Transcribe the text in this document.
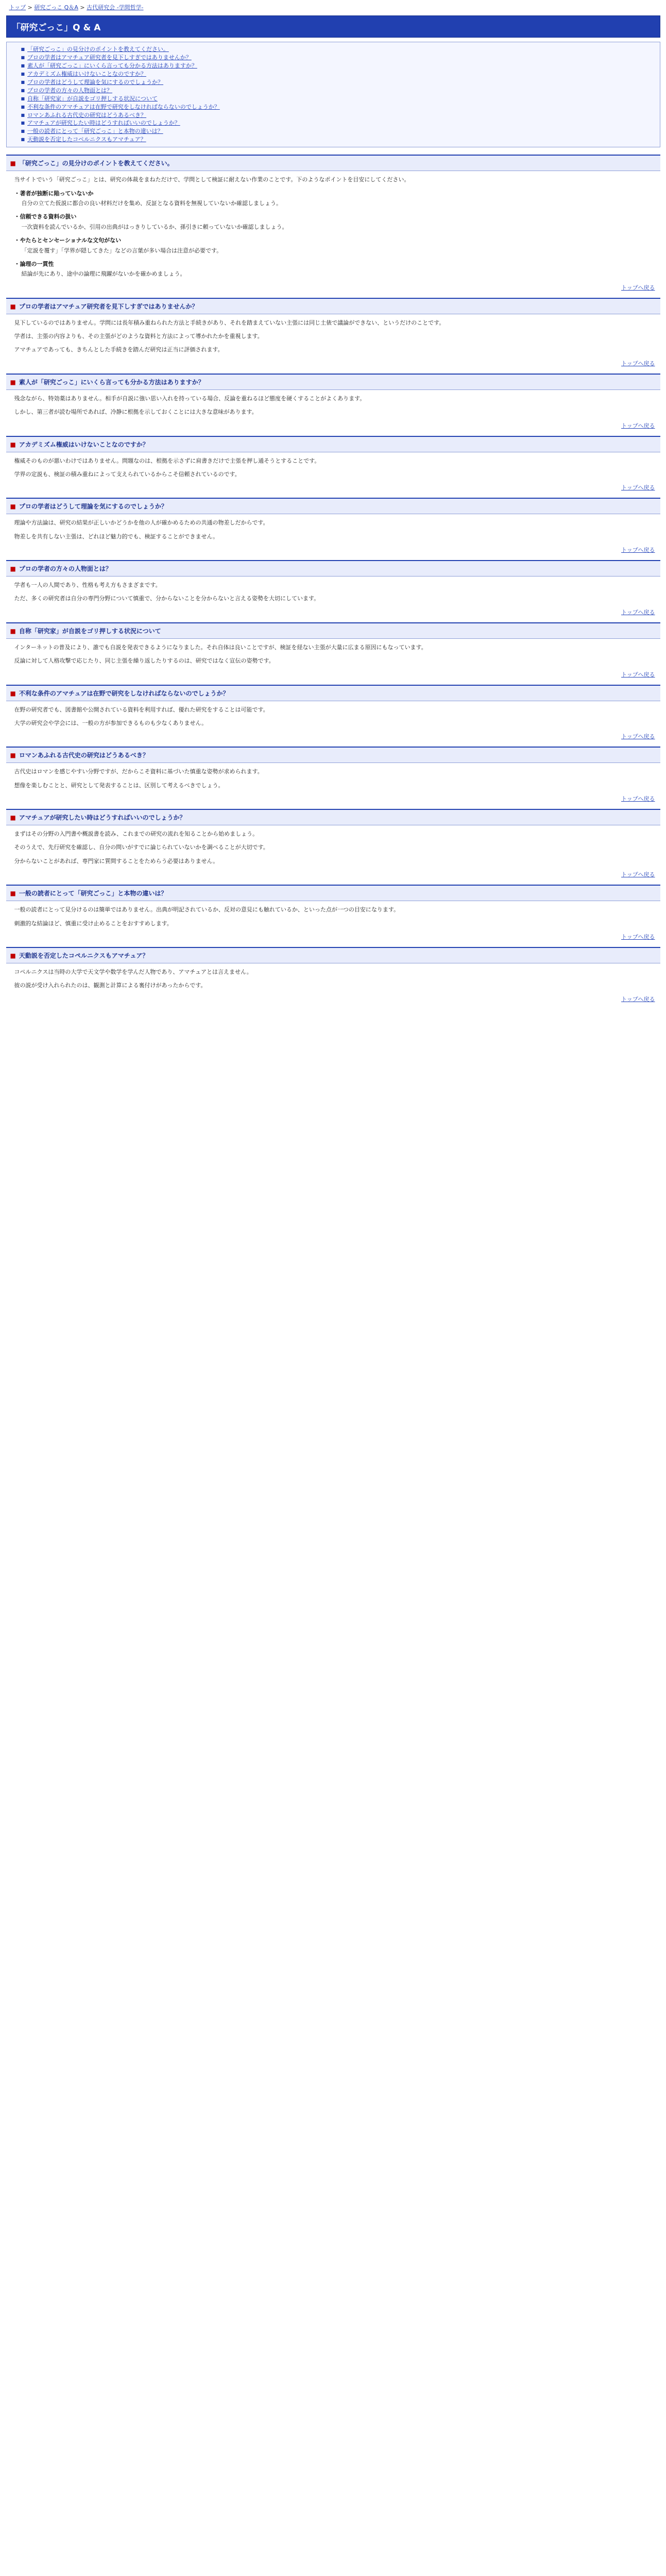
トップ > 研究ごっこ Q＆A > 古代研究会 -学問哲学-
「研究ごっこ」Q & A
■ 「研究ごっこ」の見分けのポイントを教えてください。
■ プロの学者はアマチュア研究者を見下しすぎではありませんか？
■ 素人が「研究ごっこ」にいくら言っても分かる方法はありますか？
■ アカデミズム権威はいけないことなのですか？
■ プロの学者はどうして理論を気にするのでしょうか？
■ プロの学者の方々の人物面とは？
■ 自称「研究家」が自説をゴリ押しする状況について
■ 不利な条件のアマチュアは在野で研究をしなければならないのでしょうか？
■ ロマンあふれる古代史の研究はどうあるべき？
■ アマチュアが研究したい時はどうすればいいのでしょうか？
■ 一般の読者にとって「研究ごっこ」と本物の違いは？
■ 天動説を否定したコペルニクスもアマチュア？
■ 「研究ごっこ」の見分けのポイントを教えてください。

当サイトでいう「研究ごっこ」とは、研究の体裁をまねただけで、学問として検証に耐えない作業のことです。下のようなポイントを目安にしてください。

・著者が独断に陥っていないか

自分の立てた仮説に都合の良い材料だけを集め、反証となる資料を無視していないか確認しましょう。

・信頼できる資料の扱い

一次資料を読んでいるか、引用の出典がはっきりしているか、孫引きに頼っていないか確認しましょう。

・やたらとセンセーショナルな文句がない

「定説を覆す」「学界が隠してきた」などの言葉が多い場合は注意が必要です。

・論理の一貫性

結論が先にあり、途中の論理に飛躍がないかを確かめましょう。

トップへ戻る
■ プロの学者はアマチュア研究者を見下しすぎではありませんか？

見下しているのではありません。学問には長年積み重ねられた方法と手続きがあり、それを踏まえていない主張には同じ土俵で議論ができない、というだけのことです。

学者は、主張の内容よりも、その主張がどのような資料と方法によって導かれたかを重視します。

アマチュアであっても、きちんとした手続きを踏んだ研究は正当に評価されます。

トップへ戻る
■ 素人が「研究ごっこ」にいくら言っても分かる方法はありますか？

残念ながら、特効薬はありません。相手が自説に強い思い入れを持っている場合、反論を重ねるほど態度を硬くすることがよくあります。

しかし、第三者が読む場所であれば、冷静に根拠を示しておくことには大きな意味があります。

トップへ戻る
■ アカデミズム権威はいけないことなのですか？

権威そのものが悪いわけではありません。問題なのは、根拠を示さずに肩書きだけで主張を押し通そうとすることです。

学界の定説も、検証の積み重ねによって支えられているからこそ信頼されているのです。

トップへ戻る
■ プロの学者はどうして理論を気にするのでしょうか？

理論や方法論は、研究の結果が正しいかどうかを他の人が確かめるための共通の物差しだからです。

物差しを共有しない主張は、どれほど魅力的でも、検証することができません。

トップへ戻る
■ プロの学者の方々の人物面とは？

学者も一人の人間であり、性格も考え方もさまざまです。

ただ、多くの研究者は自分の専門分野について慎重で、分からないことを分からないと言える姿勢を大切にしています。

トップへ戻る
■ 自称「研究家」が自説をゴリ押しする状況について

インターネットの普及により、誰でも自説を発表できるようになりました。それ自体は良いことですが、検証を経ない主張が大量に広まる原因にもなっています。

反論に対して人格攻撃で応じたり、同じ主張を繰り返したりするのは、研究ではなく宣伝の姿勢です。

トップへ戻る
■ 不利な条件のアマチュアは在野で研究をしなければならないのでしょうか？

在野の研究者でも、図書館や公開されている資料を利用すれば、優れた研究をすることは可能です。

大学の研究会や学会には、一般の方が参加できるものも少なくありません。

トップへ戻る
■ ロマンあふれる古代史の研究はどうあるべき？

古代史はロマンを感じやすい分野ですが、だからこそ資料に基づいた慎重な姿勢が求められます。

想像を楽しむことと、研究として発表することは、区別して考えるべきでしょう。

トップへ戻る
■ アマチュアが研究したい時はどうすればいいのでしょうか？

まずはその分野の入門書や概説書を読み、これまでの研究の流れを知ることから始めましょう。

そのうえで、先行研究を確認し、自分の問いがすでに論じられていないかを調べることが大切です。

分からないことがあれば、専門家に質問することをためらう必要はありません。

トップへ戻る
■ 一般の読者にとって「研究ごっこ」と本物の違いは？

一般の読者にとって見分けるのは簡単ではありません。出典が明記されているか、反対の意見にも触れているか、といった点が一つの目安になります。

刺激的な結論ほど、慎重に受け止めることをおすすめします。

トップへ戻る
■ 天動説を否定したコペルニクスもアマチュア？

コペルニクスは当時の大学で天文学や数学を学んだ人物であり、アマチュアとは言えません。

彼の説が受け入れられたのは、観測と計算による裏付けがあったからです。

トップへ戻る
